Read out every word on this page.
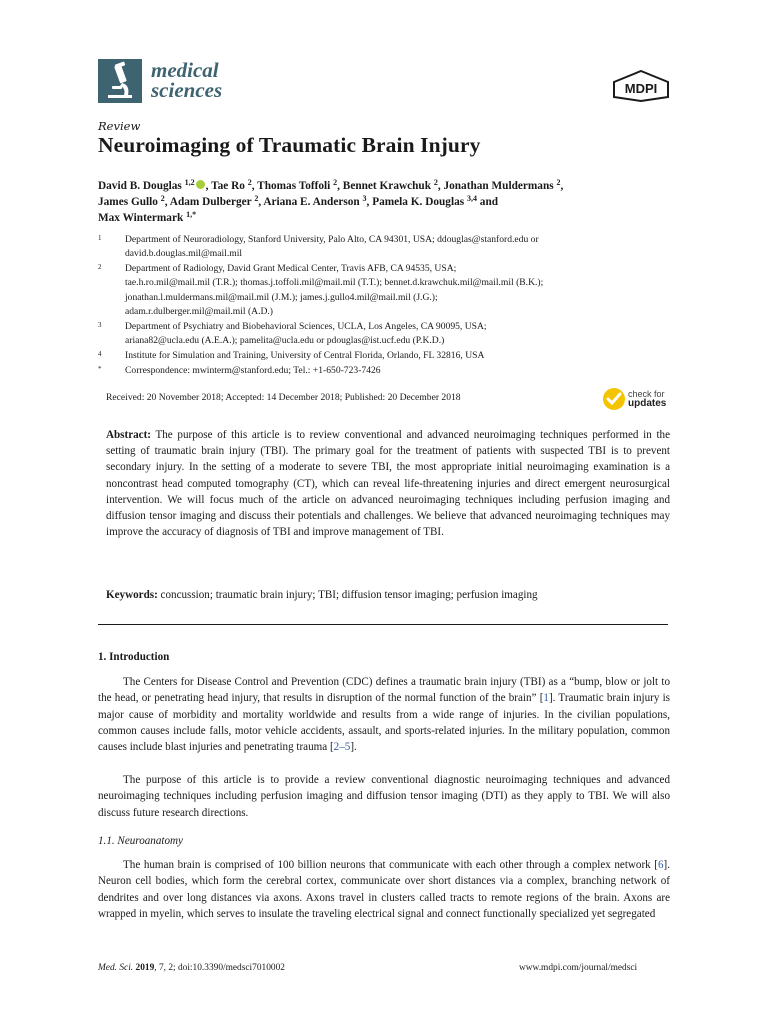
medical
sciences	MDPI
Review
Neuroimaging of Traumatic Brain Injury
David B. Douglas $^{1,2}$ , Tae Ro $^2$, Thomas Toffoli $^2$, Bennet Krawchuk $^2$, Jonathan Muldermans $^2$,
James Gullo $^2$, Adam Dulberger $^2$, Ariana E. Anderson $^3$, Pamela K. Douglas $^{3,4}$ and
Max Wintermark $^{1,*}$
1 Department of Neuroradiology, Stanford University, Palo Alto, CA 94301, USA; ddouglas@stanford.edu or
david.b.douglas.mil@mail.mil
2 Department of Radiology, David Grant Medical Center, Travis AFB, CA 94535, USA;
tae.h.ro.mil@mail.mil (T.R.); thomas.j.toffoli.mil@mail.mil (T.T.); bennet.d.krawchuk.mil@mail.mil (B.K.);
jonathan.l.muldermans.mil@mail.mil (J.M.); james.j.gullo4.mil@mail.mil (J.G.);
adam.r.dulberger.mil@mail.mil (A.D.)
3 Department of Psychiatry and Biobehavioral Sciences, UCLA, Los Angeles, CA 90095, USA;
ariana82@ucla.edu (A.E.A.); pamelita@ucla.edu or pdouglas@ist.ucf.edu (P.K.D.)
4 Institute for Simulation and Training, University of Central Florida, Orlando, FL 32816, USA
* Correspondence: mwinterm@stanford.edu; Tel.: +1-650-723-7426
Received: 20 November 2018; Accepted: 14 December 2018; Published: 20 December 2018	check for
updates

Abstract: The purpose of this article is to review conventional and advanced neuroimaging techniques performed in the setting of traumatic brain injury (TBI). The primary goal for the treatment of patients with suspected TBI is to prevent secondary injury. In the setting of a moderate to severe TBI, the most appropriate initial neuroimaging examination is a noncontrast head computed tomography (CT), which can reveal life-threatening injuries and direct emergent neurosurgical intervention. We will focus much of the article on advanced neuroimaging techniques including perfusion imaging and diffusion tensor imaging and discuss their potentials and challenges. We believe that advanced neuroimaging techniques may improve the accuracy of diagnosis of TBI and improve management of TBI.

Keywords: concussion; traumatic brain injury; TBI; diffusion tensor imaging; perfusion imaging
1. Introduction

The Centers for Disease Control and Prevention (CDC) defines a traumatic brain injury (TBI) as a “bump, blow or jolt to the head, or penetrating head injury, that results in disruption of the normal function of the brain” [1]. Traumatic brain injury is major cause of morbidity and mortality worldwide and results from a wide range of injuries. In the civilian populations, common causes include falls, motor vehicle accidents, assault, and sports-related injuries. In the military population, common causes include blast injuries and penetrating trauma [2–5].

The purpose of this article is to provide a review conventional diagnostic neuroimaging techniques and advanced neuroimaging techniques including perfusion imaging and diffusion tensor imaging (DTI) as they apply to TBI. We will also discuss future research directions.

1.1. Neuroanatomy

The human brain is comprised of 100 billion neurons that communicate with each other through a complex network [6]. Neuron cell bodies, which form the cerebral cortex, communicate over short distances via a complex, branching network of dendrites and over long distances via axons. Axons travel in clusters called tracts to remote regions of the brain. Axons are wrapped in myelin, which serves to insulate the traveling electrical signal and connect functionally specialized yet segregated

Med. Sci. 2019, 7, 2; doi:10.3390/medsci7010002	www.mdpi.com/journal/medsci
